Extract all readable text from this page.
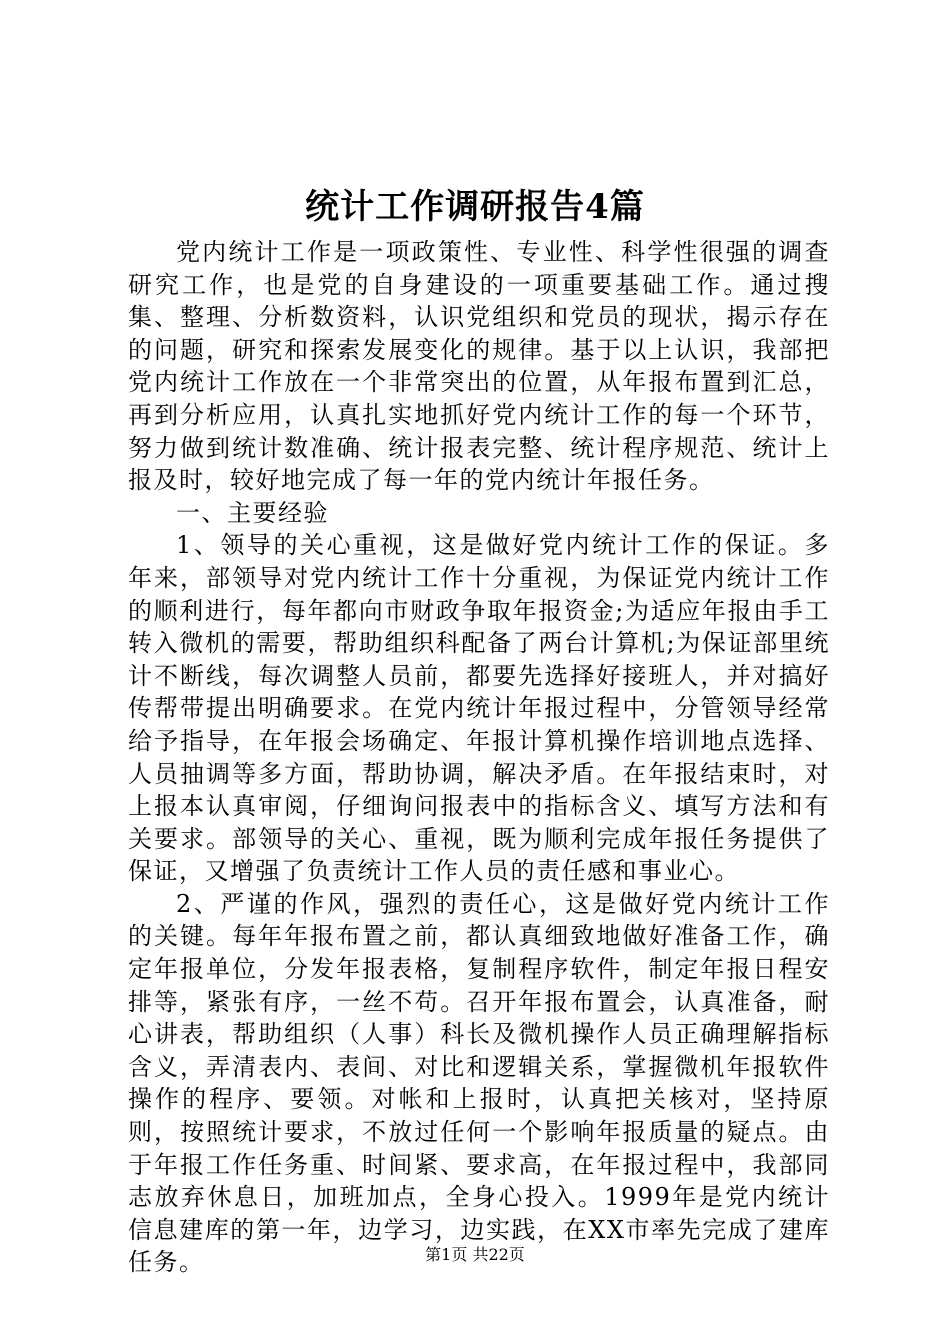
统计工作调研报告4篇

党内统计工作是一项政策性、专业性、科学性很强的调查研究工作，也是党的自身建设的一项重要基础工作。通过搜集、整理、分析数资料，认识党组织和党员的现状，揭示存在的问题，研究和探索发展变化的规律。基于以上认识，我部把党内统计工作放在一个非常突出的位置，从年报布置到汇总，再到分析应用，认真扎实地抓好党内统计工作的每一个环节，努力做到统计数准确、统计报表完整、统计程序规范、统计上报及时，较好地完成了每一年的党内统计年报任务。

一、主要经验

1、领导的关心重视，这是做好党内统计工作的保证。多年来，部领导对党内统计工作十分重视，为保证党内统计工作的顺利进行，每年都向市财政争取年报资金;为适应年报由手工转入微机的需要，帮助组织科配备了两台计算机;为保证部里统计不断线，每次调整人员前，都要先选择好接班人，并对搞好传帮带提出明确要求。在党内统计年报过程中，分管领导经常给予指导，在年报会场确定、年报计算机操作培训地点选择、人员抽调等多方面，帮助协调，解决矛盾。在年报结束时，对上报本认真审阅，仔细询问报表中的指标含义、填写方法和有关要求。部领导的关心、重视，既为顺利完成年报任务提供了保证，又增强了负责统计工作人员的责任感和事业心。

2、严谨的作风，强烈的责任心，这是做好党内统计工作的关键。每年年报布置之前，都认真细致地做好准备工作，确定年报单位，分发年报表格，复制程序软件，制定年报日程安排等，紧张有序，一丝不苟。召开年报布置会，认真准备，耐心讲表，帮助组织（人事）科长及微机操作人员正确理解指标含义，弄清表内、表间、对比和逻辑关系，掌握微机年报软件操作的程序、要领。对帐和上报时，认真把关核对，坚持原则，按照统计要求，不放过任何一个影响年报质量的疑点。由于年报工作任务重、时间紧、要求高，在年报过程中，我部同志放弃休息日，加班加点，全身心投入。1999年是党内统计信息建库的第一年，边学习，边实践，在XX市率先完成了建库任务。	第1页 共22页
